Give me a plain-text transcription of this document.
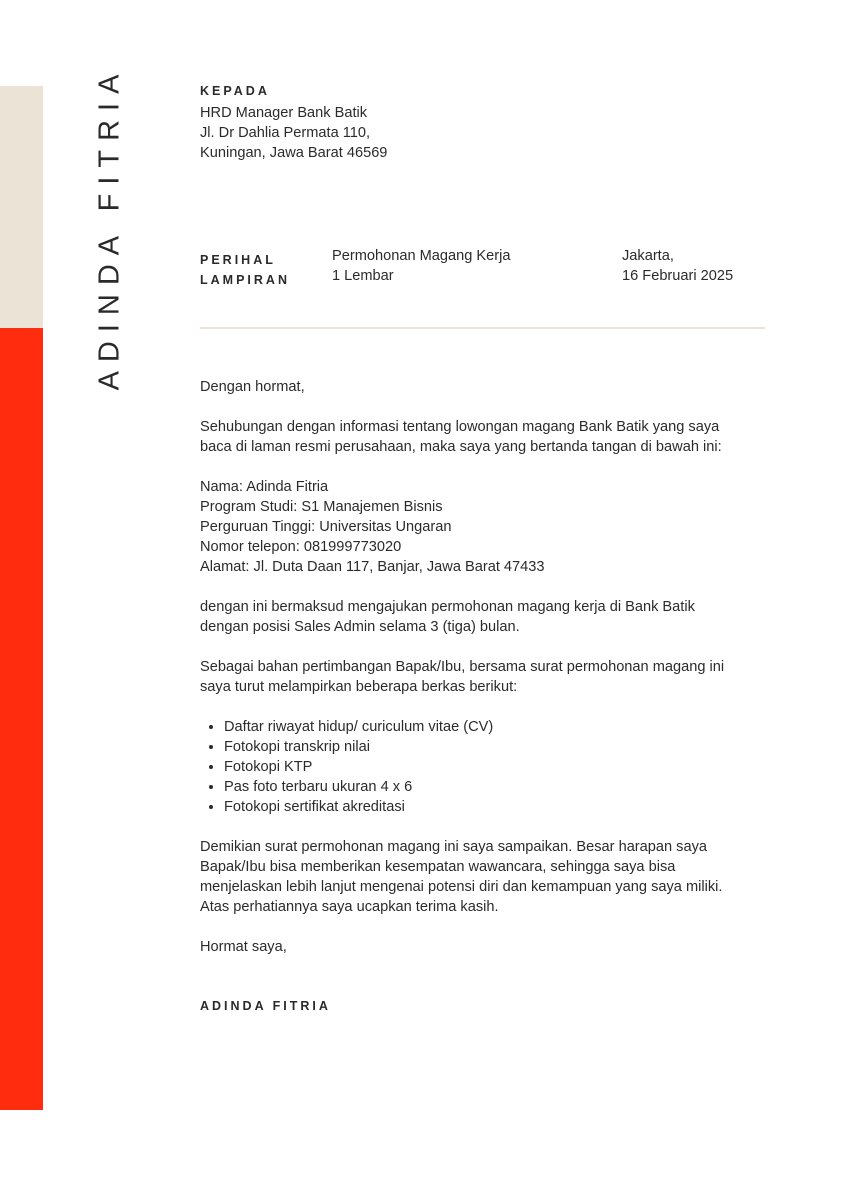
ADINDA FITRIA	KEPADA
HRD Manager Bank Batik
Jl. Dr Dahlia Permata 110,
Kuningan, Jawa Barat 46569
PERIHAL
LAMPIRAN
Permohonan Magang Kerja
1 Lembar
Jakarta,
16 Februari 2025

Dengan hormat,

Sehubungan dengan informasi tentang lowongan magang Bank Batik yang saya
baca di laman resmi perusahaan, maka saya yang bertanda tangan di bawah ini:

Nama: Adinda Fitria
Program Studi: S1 Manajemen Bisnis
Perguruan Tinggi: Universitas Ungaran
Nomor telepon: 081999773020
Alamat: Jl. Duta Daan 117, Banjar, Jawa Barat 47433

dengan ini bermaksud mengajukan permohonan magang kerja di Bank Batik
dengan posisi Sales Admin selama 3 (tiga) bulan.

Sebagai bahan pertimbangan Bapak/Ibu, bersama surat permohonan magang ini
saya turut melampirkan beberapa berkas berikut:

• Daftar riwayat hidup/ curiculum vitae (CV)
• Fotokopi transkrip nilai
• Fotokopi KTP
• Pas foto terbaru ukuran 4 x 6
• Fotokopi sertifikat akreditasi

Demikian surat permohonan magang ini saya sampaikan. Besar harapan saya
Bapak/Ibu bisa memberikan kesempatan wawancara, sehingga saya bisa
menjelaskan lebih lanjut mengenai potensi diri dan kemampuan yang saya miliki.
Atas perhatiannya saya ucapkan terima kasih.

Hormat saya,

ADINDA FITRIA
